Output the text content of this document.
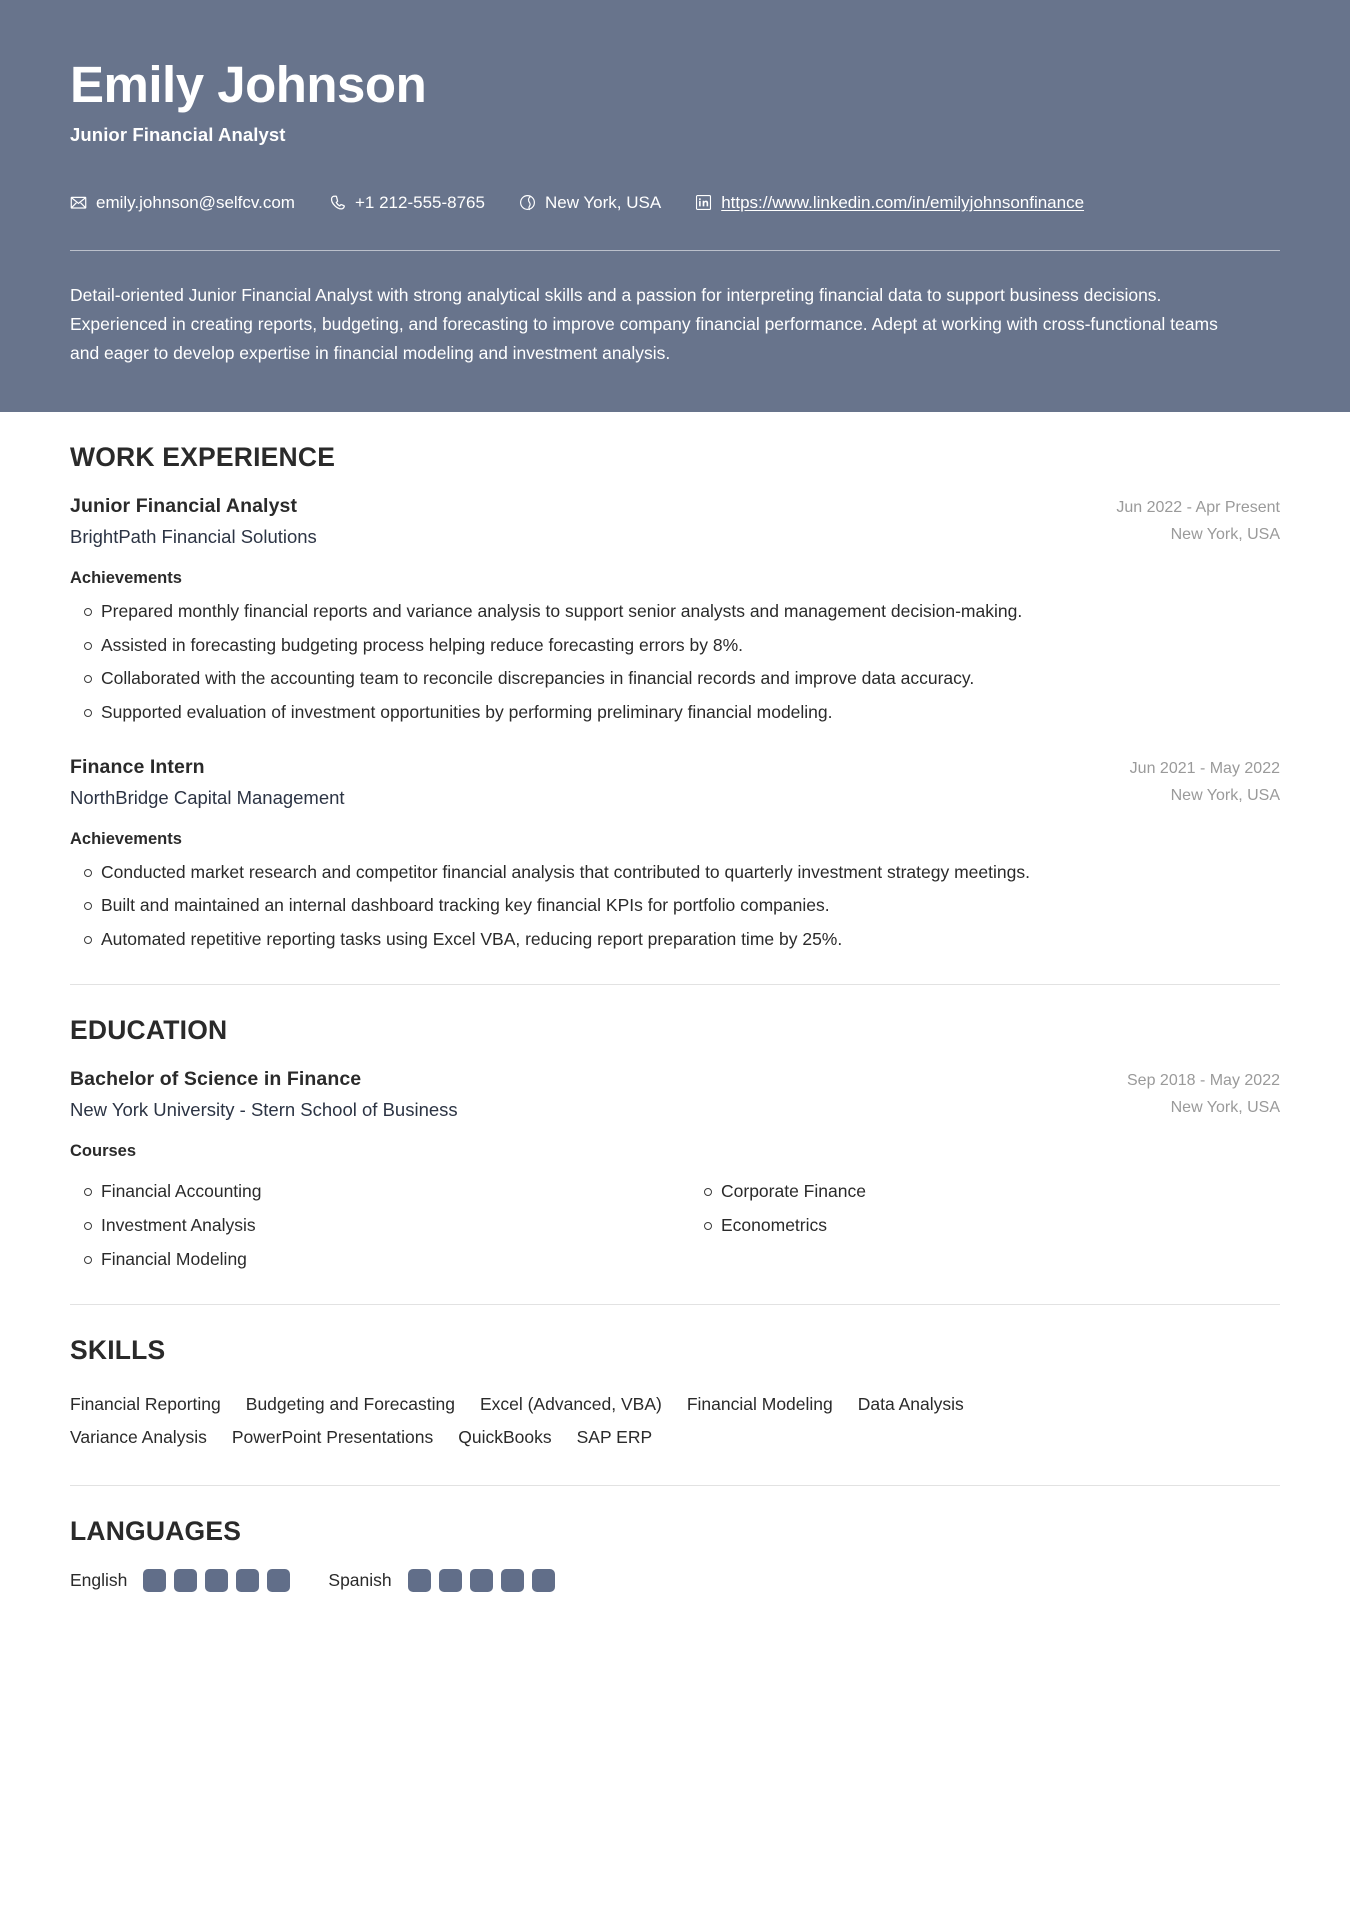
Emily Johnson
Junior Financial Analyst
emily.johnson@selfcv.com	+1 212-555-8765	New York, USA	https://www.linkedin.com/in/emilyjohnsonfinance
Detail-oriented Junior Financial Analyst with strong analytical skills and a passion for interpreting financial data to support business decisions. Experienced in creating reports, budgeting, and forecasting to improve company financial performance. Adept at working with cross-functional teams and eager to develop expertise in financial modeling and investment analysis.
WORK EXPERIENCE
Junior Financial Analyst
BrightPath Financial Solutions
Jun 2022 - Apr Present
New York, USA
Achievements
Prepared monthly financial reports and variance analysis to support senior analysts and management decision-making.
Assisted in forecasting budgeting process helping reduce forecasting errors by 8%.
Collaborated with the accounting team to reconcile discrepancies in financial records and improve data accuracy.
Supported evaluation of investment opportunities by performing preliminary financial modeling.
Finance Intern
NorthBridge Capital Management
Jun 2021 - May 2022
New York, USA
Achievements
Conducted market research and competitor financial analysis that contributed to quarterly investment strategy meetings.
Built and maintained an internal dashboard tracking key financial KPIs for portfolio companies.
Automated repetitive reporting tasks using Excel VBA, reducing report preparation time by 25%.
EDUCATION
Bachelor of Science in Finance
New York University - Stern School of Business
Sep 2018 - May 2022
New York, USA
Courses
Financial Accounting	Corporate Finance
Investment Analysis	Econometrics
Financial Modeling
SKILLS
Financial Reporting Budgeting and Forecasting Excel (Advanced, VBA) Financial Modeling Data Analysis
Variance Analysis PowerPoint Presentations QuickBooks SAP ERP
LANGUAGES
English	Spanish
